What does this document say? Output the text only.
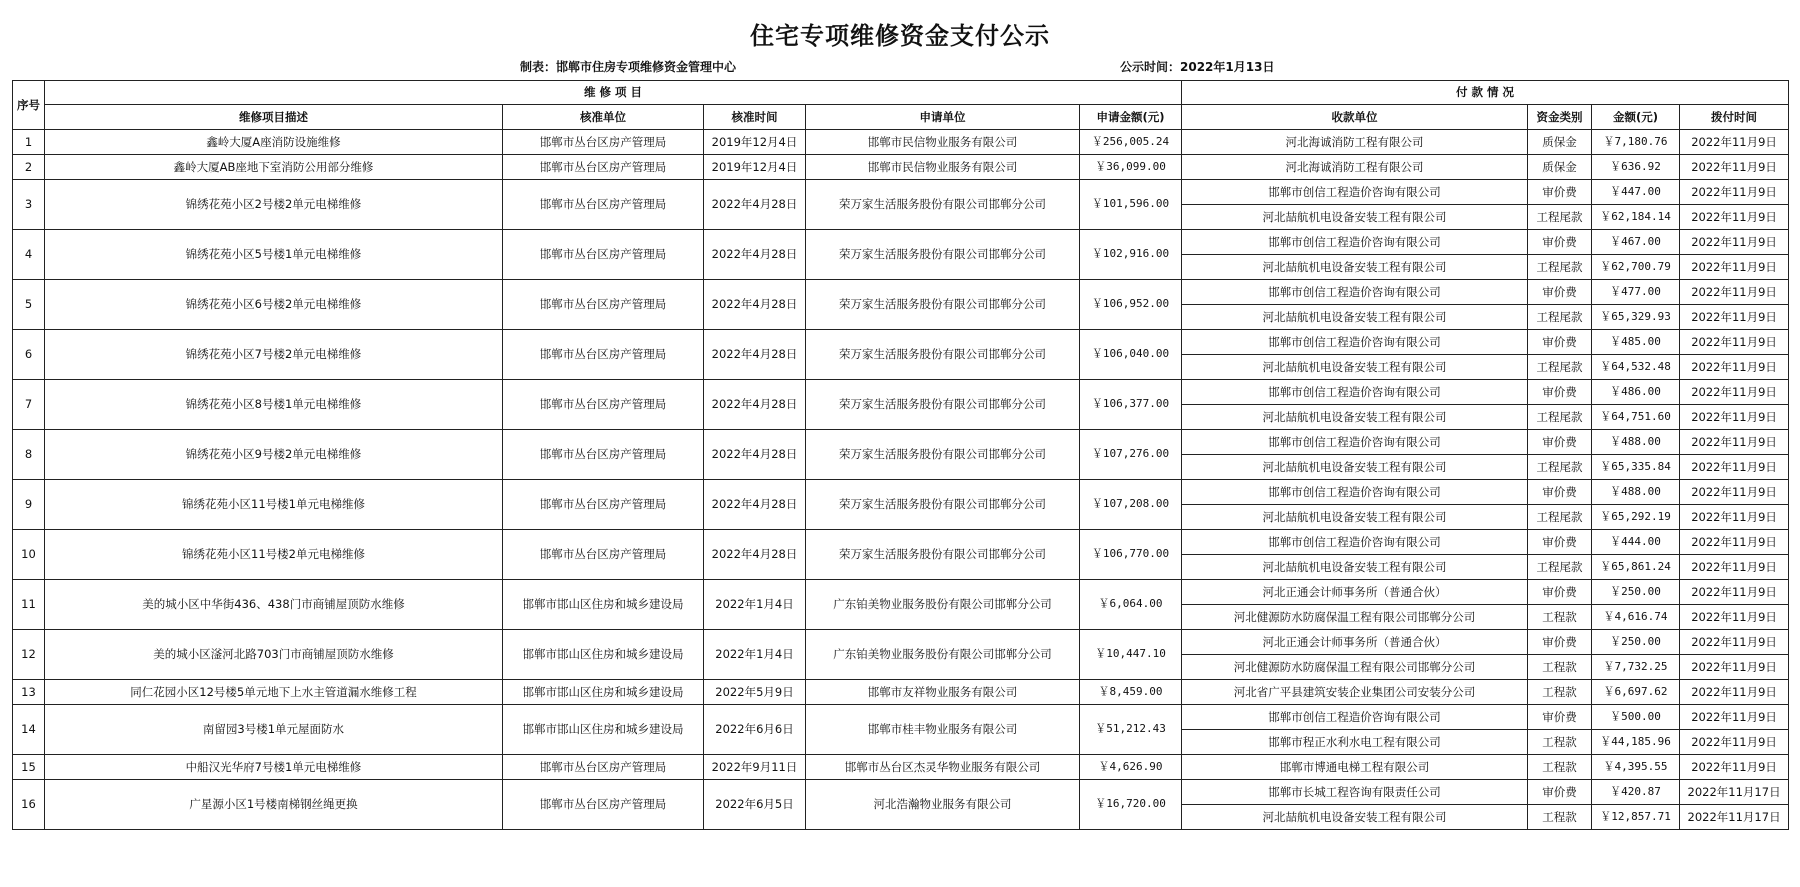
住宅专项维修资金支付公示
制表：邯郸市住房专项维修资金管理中心	公示时间：2022年1月13日
序号	维 修 项 目					付 款 情 况			
	维修项目描述	核准单位	核准时间	申请单位	申请金额(元)	收款单位	资金类别	金额(元)	拨付时间
1	鑫岭大厦A座消防设施维修	邯郸市丛台区房产管理局	2019年12月4日	邯郸市民信物业服务有限公司	￥256,005.24	河北海诚消防工程有限公司	质保金	￥7,180.76	2022年11月9日
2	鑫岭大厦AB座地下室消防公用部分维修	邯郸市丛台区房产管理局	2019年12月4日	邯郸市民信物业服务有限公司	￥36,099.00	河北海诚消防工程有限公司	质保金	￥636.92	2022年11月9日
3	锦绣花苑小区2号楼2单元电梯维修	邯郸市丛台区房产管理局	2022年4月28日	荣万家生活服务股份有限公司邯郸分公司	￥101,596.00	邯郸市创信工程造价咨询有限公司	审价费	￥447.00	2022年11月9日
						河北喆航机电设备安装工程有限公司	工程尾款	￥62,184.14	2022年11月9日
4	锦绣花苑小区5号楼1单元电梯维修	邯郸市丛台区房产管理局	2022年4月28日	荣万家生活服务股份有限公司邯郸分公司	￥102,916.00	邯郸市创信工程造价咨询有限公司	审价费	￥467.00	2022年11月9日
						河北喆航机电设备安装工程有限公司	工程尾款	￥62,700.79	2022年11月9日
5	锦绣花苑小区6号楼2单元电梯维修	邯郸市丛台区房产管理局	2022年4月28日	荣万家生活服务股份有限公司邯郸分公司	￥106,952.00	邯郸市创信工程造价咨询有限公司	审价费	￥477.00	2022年11月9日
						河北喆航机电设备安装工程有限公司	工程尾款	￥65,329.93	2022年11月9日
6	锦绣花苑小区7号楼2单元电梯维修	邯郸市丛台区房产管理局	2022年4月28日	荣万家生活服务股份有限公司邯郸分公司	￥106,040.00	邯郸市创信工程造价咨询有限公司	审价费	￥485.00	2022年11月9日
						河北喆航机电设备安装工程有限公司	工程尾款	￥64,532.48	2022年11月9日
7	锦绣花苑小区8号楼1单元电梯维修	邯郸市丛台区房产管理局	2022年4月28日	荣万家生活服务股份有限公司邯郸分公司	￥106,377.00	邯郸市创信工程造价咨询有限公司	审价费	￥486.00	2022年11月9日
						河北喆航机电设备安装工程有限公司	工程尾款	￥64,751.60	2022年11月9日
8	锦绣花苑小区9号楼2单元电梯维修	邯郸市丛台区房产管理局	2022年4月28日	荣万家生活服务股份有限公司邯郸分公司	￥107,276.00	邯郸市创信工程造价咨询有限公司	审价费	￥488.00	2022年11月9日
						河北喆航机电设备安装工程有限公司	工程尾款	￥65,335.84	2022年11月9日
9	锦绣花苑小区11号楼1单元电梯维修	邯郸市丛台区房产管理局	2022年4月28日	荣万家生活服务股份有限公司邯郸分公司	￥107,208.00	邯郸市创信工程造价咨询有限公司	审价费	￥488.00	2022年11月9日
						河北喆航机电设备安装工程有限公司	工程尾款	￥65,292.19	2022年11月9日
10	锦绣花苑小区11号楼2单元电梯维修	邯郸市丛台区房产管理局	2022年4月28日	荣万家生活服务股份有限公司邯郸分公司	￥106,770.00	邯郸市创信工程造价咨询有限公司	审价费	￥444.00	2022年11月9日
						河北喆航机电设备安装工程有限公司	工程尾款	￥65,861.24	2022年11月9日
11	美的城小区中华街436、438门市商铺屋顶防水维修	邯郸市邯山区住房和城乡建设局	2022年1月4日	广东铂美物业服务股份有限公司邯郸分公司	￥6,064.00	河北正通会计师事务所（普通合伙）	审价费	￥250.00	2022年11月9日
						河北健源防水防腐保温工程有限公司邯郸分公司	工程款	￥4,616.74	2022年11月9日
12	美的城小区滏河北路703门市商铺屋顶防水维修	邯郸市邯山区住房和城乡建设局	2022年1月4日	广东铂美物业服务股份有限公司邯郸分公司	￥10,447.10	河北正通会计师事务所（普通合伙）	审价费	￥250.00	2022年11月9日
						河北健源防水防腐保温工程有限公司邯郸分公司	工程款	￥7,732.25	2022年11月9日
13	同仁花园小区12号楼5单元地下上水主管道漏水维修工程	邯郸市邯山区住房和城乡建设局	2022年5月9日	邯郸市友祥物业服务有限公司	￥8,459.00	河北省广平县建筑安装企业集团公司安装分公司	工程款	￥6,697.62	2022年11月9日
14	南留园3号楼1单元屋面防水	邯郸市邯山区住房和城乡建设局	2022年6月6日	邯郸市桂丰物业服务有限公司	￥51,212.43	邯郸市创信工程造价咨询有限公司	审价费	￥500.00	2022年11月9日
						邯郸市程正水利水电工程有限公司	工程款	￥44,185.96	2022年11月9日
15	中船汉光华府7号楼1单元电梯维修	邯郸市丛台区房产管理局	2022年9月11日	邯郸市丛台区杰灵华物业服务有限公司	￥4,626.90	邯郸市博通电梯工程有限公司	工程款	￥4,395.55	2022年11月9日
16	广星源小区1号楼南梯钢丝绳更换	邯郸市丛台区房产管理局	2022年6月5日	河北浩瀚物业服务有限公司	￥16,720.00	邯郸市长城工程咨询有限责任公司	审价费	￥420.87	2022年11月17日
						河北喆航机电设备安装工程有限公司	工程款	￥12,857.71	2022年11月17日
